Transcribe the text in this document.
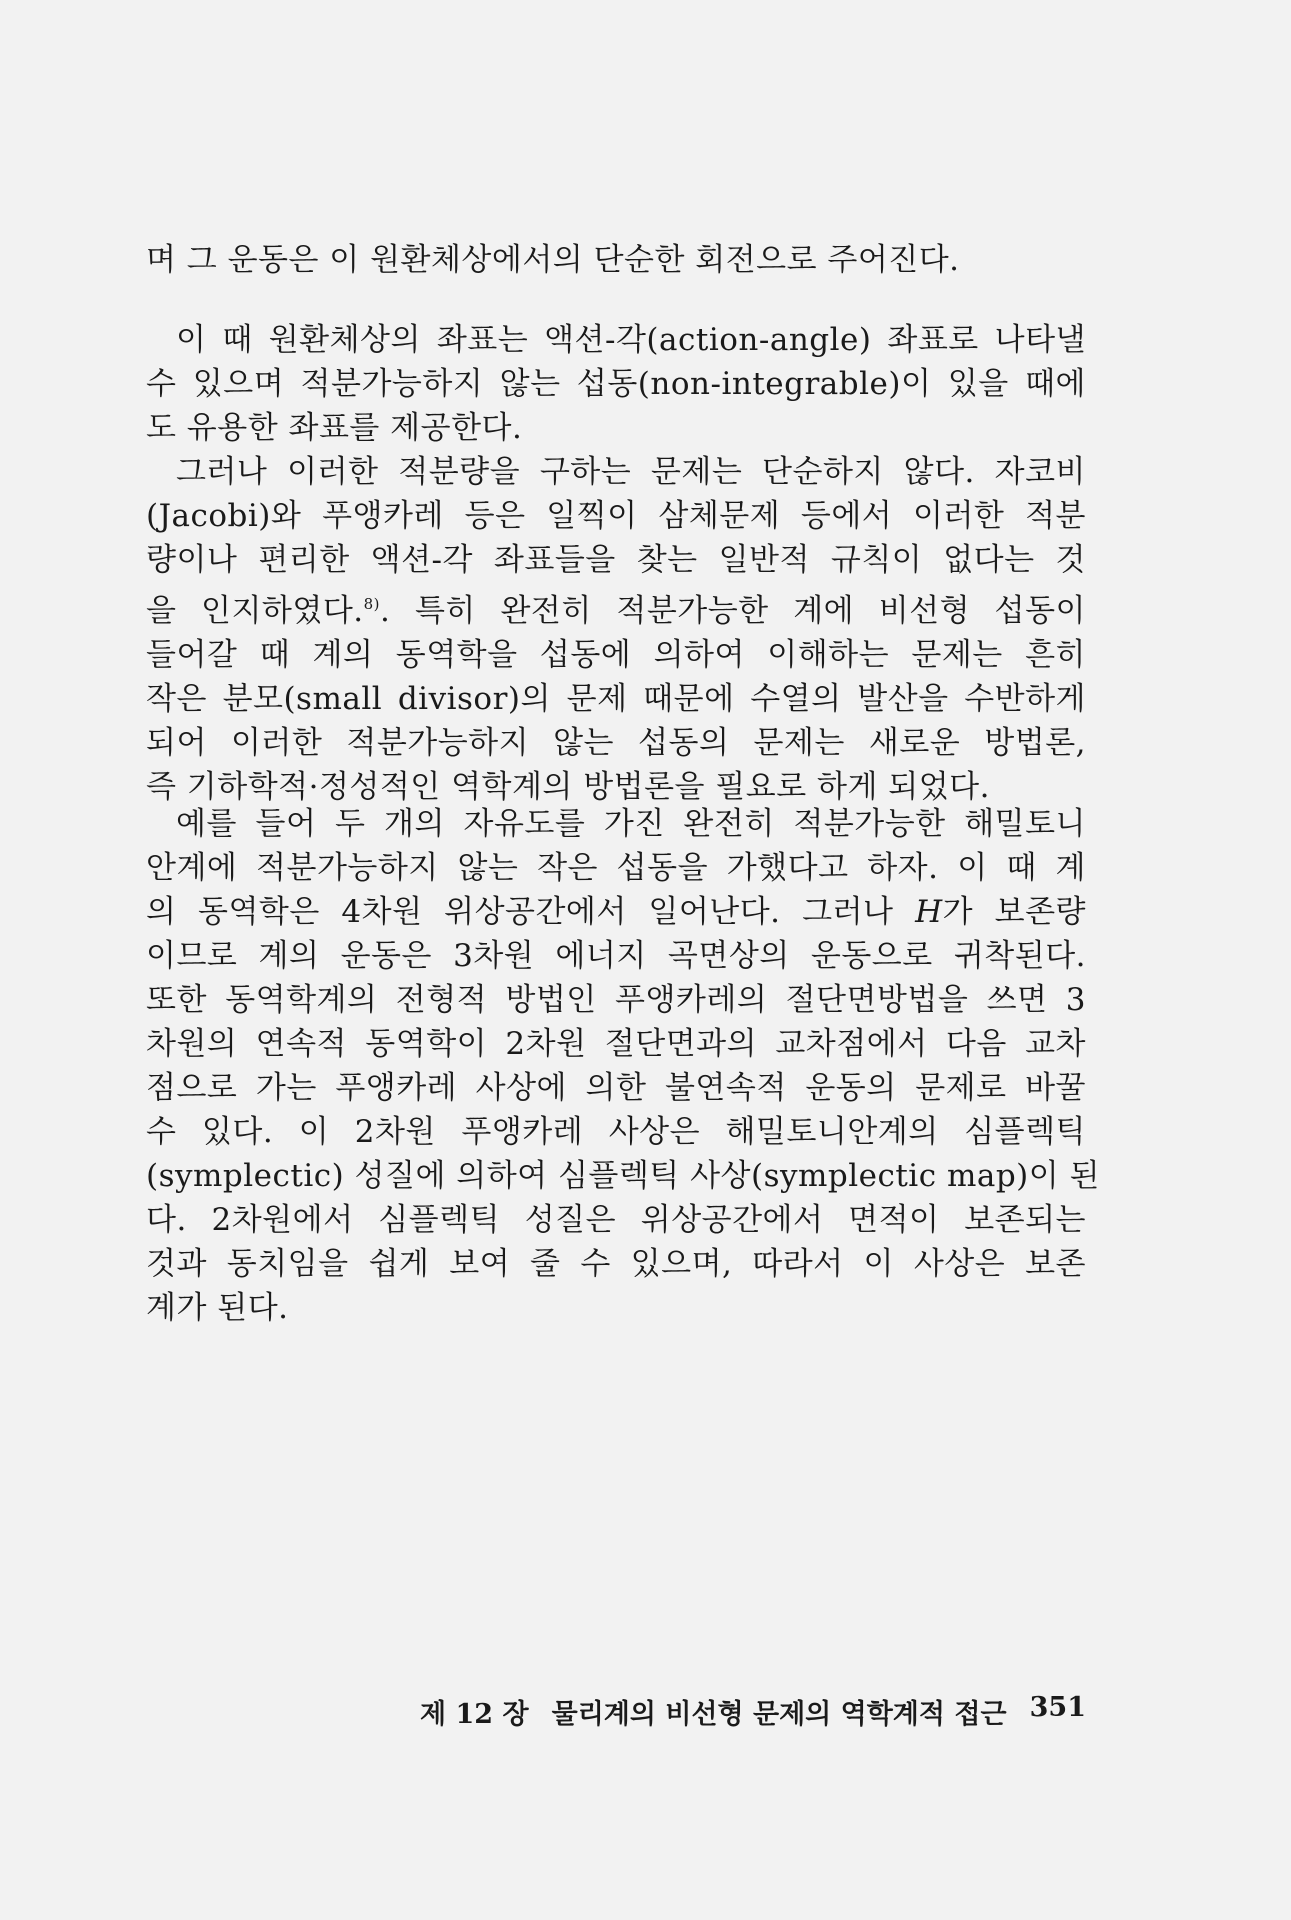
며 그 운동은 이 원환체상에서의 단순한 회전으로 주어진다.
이 때 원환체상의 좌표는 액션-각(action-angle) 좌표로 나타낼
수 있으며 적분가능하지 않는 섭동(non-integrable)이 있을 때에
도 유용한 좌표를 제공한다.
그러나 이러한 적분량을 구하는 문제는 단순하지 않다. 자코비
(Jacobi)와 푸앵카레 등은 일찍이 삼체문제 등에서 이러한 적분
량이나 편리한 액션-각 좌표들을 찾는 일반적 규칙이 없다는 것
을 인지하였다.$^{8)}$. 특히 완전히 적분가능한 계에 비선형 섭동이
들어갈 때 계의 동역학을 섭동에 의하여 이해하는 문제는 흔히
작은 분모(small divisor)의 문제 때문에 수열의 발산을 수반하게
되어 이러한 적분가능하지 않는 섭동의 문제는 새로운 방법론,
즉 기하학적·정성적인 역학계의 방법론을 필요로 하게 되었다.
예를 들어 두 개의 자유도를 가진 완전히 적분가능한 해밀토니
안계에 적분가능하지 않는 작은 섭동을 가했다고 하자. 이 때 계
의 동역학은 4차원 위상공간에서 일어난다. 그러나 H가 보존량
이므로 계의 운동은 3차원 에너지 곡면상의 운동으로 귀착된다.
또한 동역학계의 전형적 방법인 푸앵카레의 절단면방법을 쓰면 3
차원의 연속적 동역학이 2차원 절단면과의 교차점에서 다음 교차
점으로 가는 푸앵카레 사상에 의한 불연속적 운동의 문제로 바꿀
수 있다. 이 2차원 푸앵카레 사상은 해밀토니안계의 심플렉틱
(symplectic) 성질에 의하여 심플렉틱 사상(symplectic map)이 된
다. 2차원에서 심플렉틱 성질은 위상공간에서 면적이 보존되는
것과 동치임을 쉽게 보여 줄 수 있으며, 따라서 이 사상은 보존
계가 된다.
제 12 장 물리계의 비선형 문제의 역학계적 접근 351
